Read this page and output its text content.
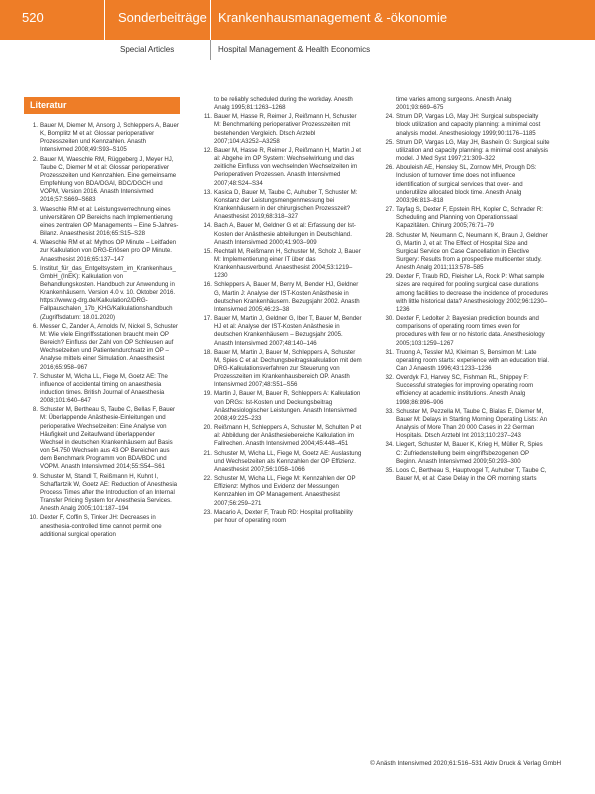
520	Sonderbeiträge Krankenhausmanagement & -ökonomie
Special Articles	Hospital Management & Health Economics
Literatur
1. Bauer M, Diemer M, Ansorg J, Schleppers A, Bauer K, Bomplitz M et al: Glossar perioperativer Prozesszeiten und Kennzahlen. Anasth Intensivmed 2008;49:S93–S105
2. Bauer M, Waeschle RM, Rüggeberg J, Meyer HJ, Taube C, Diemer M et al: Glossar perioperativer Prozesszeiten und Kennzahlen. Eine gemeinsame Empfehlung von BDA/DGAI, BDC/DGCH und VOPM, Version 2016. Anasth Intensivmed 2016;57:S669–S683
3. Waeschle RM et al: Leistungsverrechnung eines universitären OP Bereichs nach Implementierung eines zentralen OP Managements – Eine 5-Jahres-Bilanz. Anaesthesist 2016;65:S15–S28
4. Waeschle RM et al: Mythos OP Minute – Leitfaden zur Kalkulation von DRG-Erlösen pro OP Minute. Anaesthesist 2016;65:137–147
5. Institut_für_das_Entgeltsystem_im_Krankenhaus_GmbH_(InEK): Kalkulation von Behandlungskosten. Handbuch zur Anwendung in Krankenhäusern. Version 4.0 v. 10. Oktober 2016. https://www.g-drg.de/Kalkulation2/DRG-Fallpauschalen_17b_KHG/Kalkulationshandbuch (Zugriffsdatum: 18.01.2020)
6. Messer C, Zander A, Arnolds IV, Nickel S, Schuster M: Wie viele Eingriffsstationen braucht mein OP Bereich? Einfluss der Zahl von OP Schleusen auf Wechselzeiten und Patientendurchsatz im OP – Analyse mittels einer Simulation. Anaesthesist 2016;65:958–967
7. Schuster M, Wicha LL, Fiege M, Goetz AE: The influence of accidental timing on anaesthesia induction times. British Journal of Anaesthesia 2008;101:640–647
8. Schuster M, Bertheau S, Taube C, Bellas F, Bauer M: Überlappende Anästhesie-Einleitungen und perioperative Wechselzeiten: Eine Analyse von Häufigkeit und Zeitaufwand überlappender Wechsel in deutschen Krankenhäusern auf Basis von 54.750 Wechseln aus 43 OP Bereichen aus dem Benchmark Programm von BDA/BDC und VOPM. Anasth Intensivmed 2014;55:S54–S61
9. Schuster M, Standl T, Reißmann H, Kuhnt I, Schaffartzik W, Goetz AE: Reduction of Anesthesia Process Times after the Introduction of an Internal Transfer Pricing System for Anesthesia Services. Anesth Analg 2005;101:187–194
10. Dexter F, Coffin S, Tinker JH: Decreases in anesthesia-controlled time cannot permit one additional surgical operation
to be reliably scheduled during the workday. Anesth Analg 1995;81:1263–1268
11. Bauer M, Hasse R, Reimer J, Reißmann H, Schuster M: Benchmarking perioperativer Prozesszeiten mit bestehenden Vergleich. Dtsch Arztebl 2007;104:A3252–A3258
12. Bauer M, Hasse R, Reimer J, Reißmann H, Martin J et al: Abgehe im OP System: Wechselwirkung und das zeitliche Einfluss von wechselnden Wechselzeiten im Perioperativen Prozessen. Anasth Intensivmed 2007;48:S24–S34
13. Kasica D, Bauer M, Taube C, Auhuber T, Schuster M: Konstanz der Leistungsmengenmessung bei Krankenhäusern in der chirurgischen Prozesszeit? Anaesthesist 2019;68:318–327
14. Bach A, Bauer M, Geldner G et al: Erfassung der Ist-Kosten der Anästhesie abteilungen in Deutschland. Anasth Intensivmed 2000;41:903–909
15. Rechtall M, Reißmann H, Schuster M, Scholz J, Bauer M: Implementierung einer IT über das Krankenhausverbund. Anaesthesist 2004;53:1219–1230
16. Schleppers A, Bauer M, Berry M, Bender HJ, Geldner G, Martin J: Analyse der IST-Kosten Anästhesie in deutschen Krankenhäusern. Bezugsjahr 2002. Anasth Intensivmed 2005;46:23–38
17. Bauer M, Martin J, Geldner G, Iber T, Bauer M, Bender HJ et al: Analyse der IST-Kosten Anästhesie in deutschen Krankenhäusern – Bezugsjahr 2005. Anasth Intensivmed 2007;48:140–146
18. Bauer M, Martin J, Bauer M, Schleppers A, Schuster M, Spies C et al: Dechungsbeitragskalkulation mit dem DRG-Kalkulationsverfahren zur Steuerung von Prozesszeiten im Krankenhausbereich OP. Anasth Intensivmed 2007;48:S51–S56
19. Martin J, Bauer M, Bauer R, Schleppers A: Kalkulation von DRGs: Ist-Kosten und Deckungsbeitrag Anästhesiologischer Leistungen. Anasth Intensivmed 2008;49:225–233
20. Reißmann H, Schleppers A, Schuster M, Schulten P et al: Abbildung der Anästhesiebereiche Kalkulation im Fallrechen. Anasth Intensivmed 2004;45:448–451
21. Schuster M, Wicha LL, Fiege M, Goetz AE: Auslastung und Wechselzeiten als Kennzahlen der OP Effizienz. Anaesthesist 2007;56:1058–1066
22. Schuster M, Wicha LL, Fiege M: Kennzahlen der OP Effizienz: Mythos und Evidenz der Messungen Kennzahlen im OP Management. Anaesthesist 2007;56:259–271
23. Macario A, Dexter F, Traub RD: Hospital profitability per hour of operating room
time varies among surgeons. Anesth Analg 2001;93:669–675
24. Strum DP, Vargas LG, May JH: Surgical subspecialty block utilization and capacity planning: a minimal cost analysis model. Anesthesiology 1999;90:1176–1185
25. Strum DP, Vargas LG, May JH, Bashein G: Surgical suite utilization and capacity planning: a minimal cost analysis model. J Med Syst 1997;21:309–322
26. Abouleish AE, Hensley SL, Zornow MH, Prough DS: Inclusion of turnover time does not influence identification of surgical services that over- and underutilize allocated block time. Anesth Analg 2003;96:813–818
27. Tayfag S, Dexter F, Epstein RH, Kopler C, Schrader R: Scheduling and Planning von Operationssaal Kapazitäten. Chirurg 2005;76:71–79
28. Schuster M, Neumann C, Neumann K, Braun J, Geldner G, Martin J, et al: The Effect of Hospital Size and Surgical Service on Case Cancellation in Elective Surgery: Results from a prospective multicenter study. Anesth Analg 2011;113:578–585
29. Dexter F, Traub RD, Fleisher LA, Rock P: What sample sizes are required for pooling surgical case durations among facilities to decrease the incidence of procedures with little historical data? Anesthesiology 2002;96:1230–1236
30. Dexter F, Ledolter J: Bayesian prediction bounds and comparisons of operating room times even for procedures with few or no historic data. Anesthesiology 2005;103:1259–1267
31. Truong A, Tessler MJ, Kleiman S, Bensimon M: Late operating room starts: experience with an education trial. Can J Anaesth 1996;43:1233–1236
32. Overdyk FJ, Harvey SC, Fishman RL, Shippey F: Successful strategies for improving operating room efficiency at academic institutions. Anesth Analg 1998;86:896–906
33. Schuster M, Pezzella M, Taube C, Bialas E, Diemer M, Bauer M: Delays in Starting Morning Operating Lists: An Analysis of More Than 20 000 Cases in 22 German Hospitals. Dtsch Arztebl Int 2013;110:237–243
34. Liegert, Schuster M, Bauer K, Krieg H, Müller R, Spies C: Zufriedenstellung beim eingriffsbezogenen OP Beginn. Anasth Intensivmed 2009;50:293–300
35. Loos C, Bertheau S, Hauptvogel T, Auhuber T, Taube C, Bauer M, et al: Case Delay in the OR morning starts
© Anästh Intensivmed 2020;61:516–531 Aktiv Druck & Verlag GmbH
